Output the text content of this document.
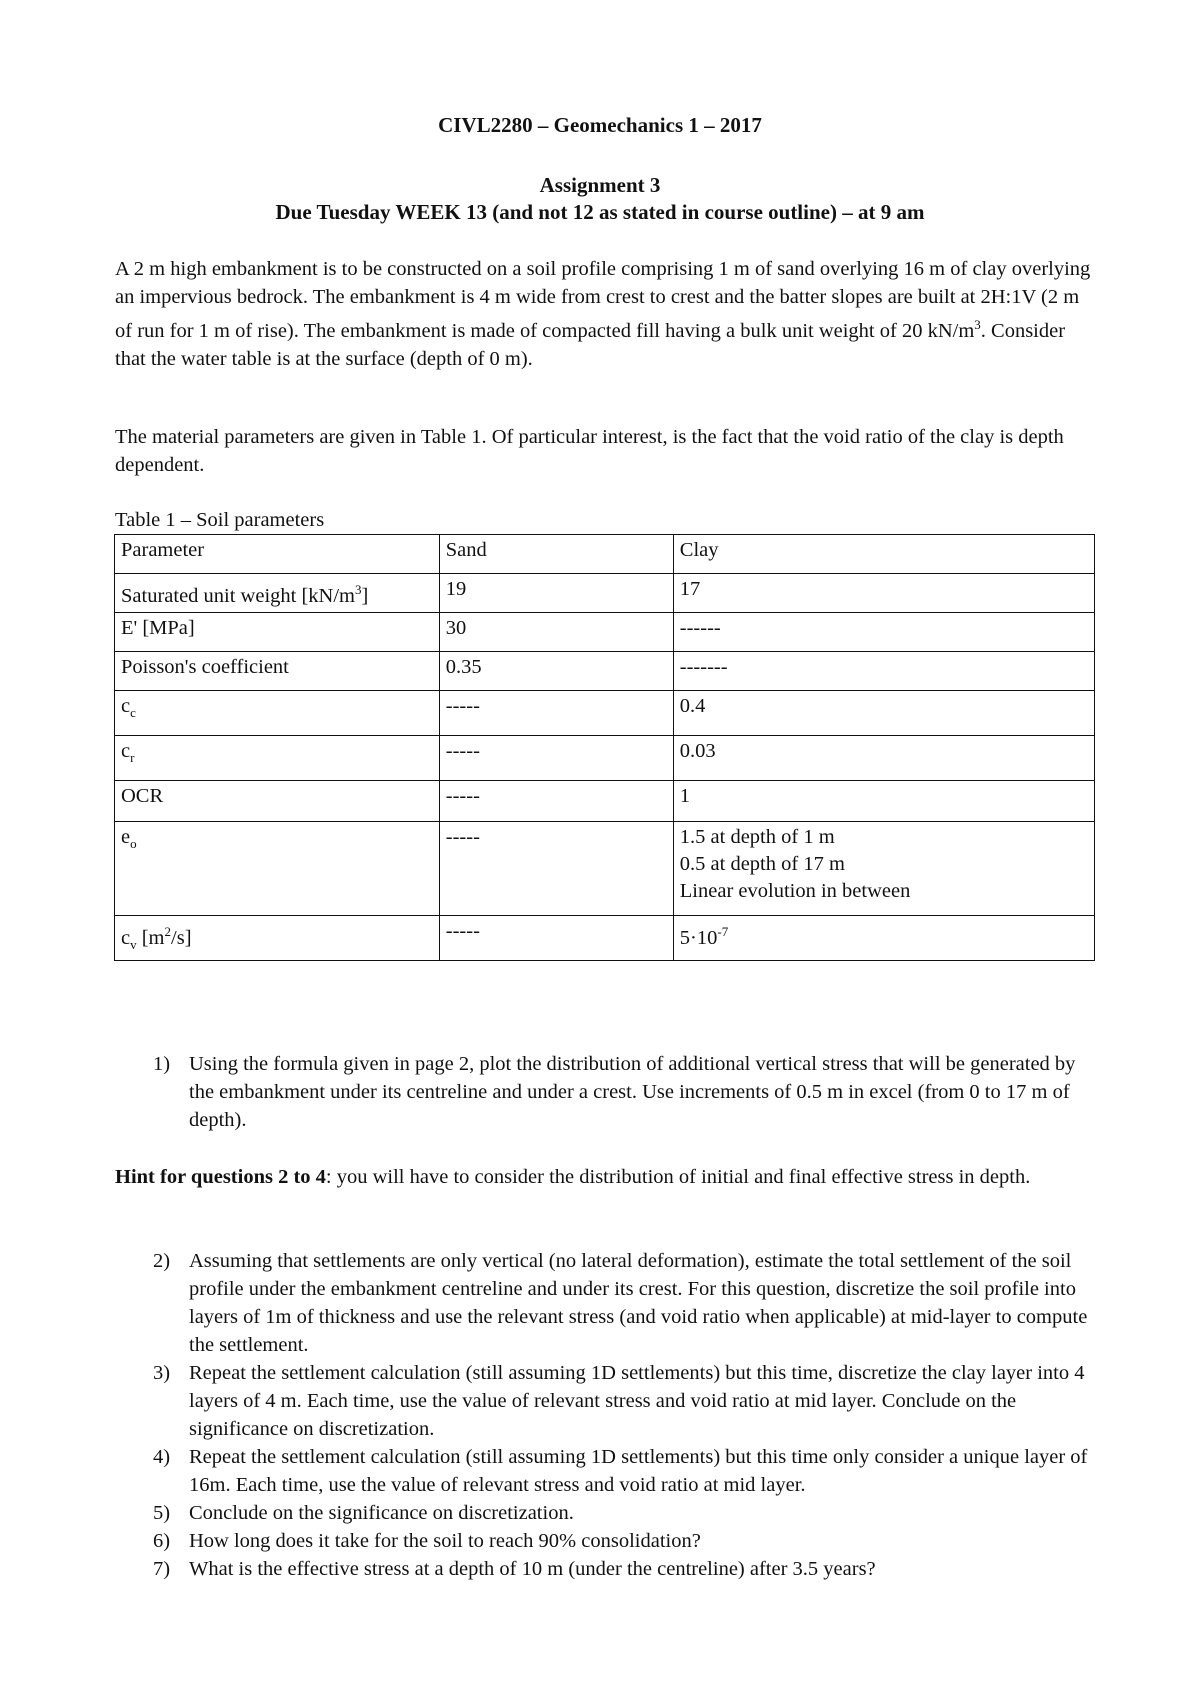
CIVL2280 – Geomechanics 1 – 2017
Assignment 3
Due Tuesday WEEK 13 (and not 12 as stated in course outline) – at 9 am
A 2 m high embankment is to be constructed on a soil profile comprising 1 m of sand overlying 16 m of clay overlying an impervious bedrock. The embankment is 4 m wide from crest to crest and the batter slopes are built at 2H:1V (2 m of run for 1 m of rise). The embankment is made of compacted fill having a bulk unit weight of 20 $kN/m^3$. Consider that the water table is at the surface (depth of 0 m).
The material parameters are given in Table 1. Of particular interest, is the fact that the void ratio of the clay is depth dependent.
Table 1 – Soil parameters
Parameter	Sand	Clay
Saturated unit weight $[kN/m^3]$	19	17
E' [MPa]	30	------
Poisson's coefficient	0.35	-------
$c_c$	-----	0.4
$c_r$	-----	0.03
OCR	-----	1
$e_o$	-----	1.5 at depth of 1 m
0.5 at depth of 17 m
Linear evolution in between

$c_v$ $[m^2/s]$	-----	$5\cdot 10^{-7}$
1) Using the formula given in page 2, plot the distribution of additional vertical stress that will be generated by the embankment under its centreline and under a crest. Use increments of 0.5 m in excel (from 0 to 17 m of depth).
Hint for questions 2 to 4: you will have to consider the distribution of initial and final effective stress in depth.
2) Assuming that settlements are only vertical (no lateral deformation), estimate the total settlement of the soil profile under the embankment centreline and under its crest. For this question, discretize the soil profile into layers of 1m of thickness and use the relevant stress (and void ratio when applicable) at mid-layer to compute the settlement.
3) Repeat the settlement calculation (still assuming 1D settlements) but this time, discretize the clay layer into 4 layers of 4 m. Each time, use the value of relevant stress and void ratio at mid layer. Conclude on the significance on discretization.
4) Repeat the settlement calculation (still assuming 1D settlements) but this time only consider a unique layer of 16m. Each time, use the value of relevant stress and void ratio at mid layer.
5) Conclude on the significance on discretization.
6) How long does it take for the soil to reach 90% consolidation?
7) What is the effective stress at a depth of 10 m (under the centreline) after 3.5 years?
